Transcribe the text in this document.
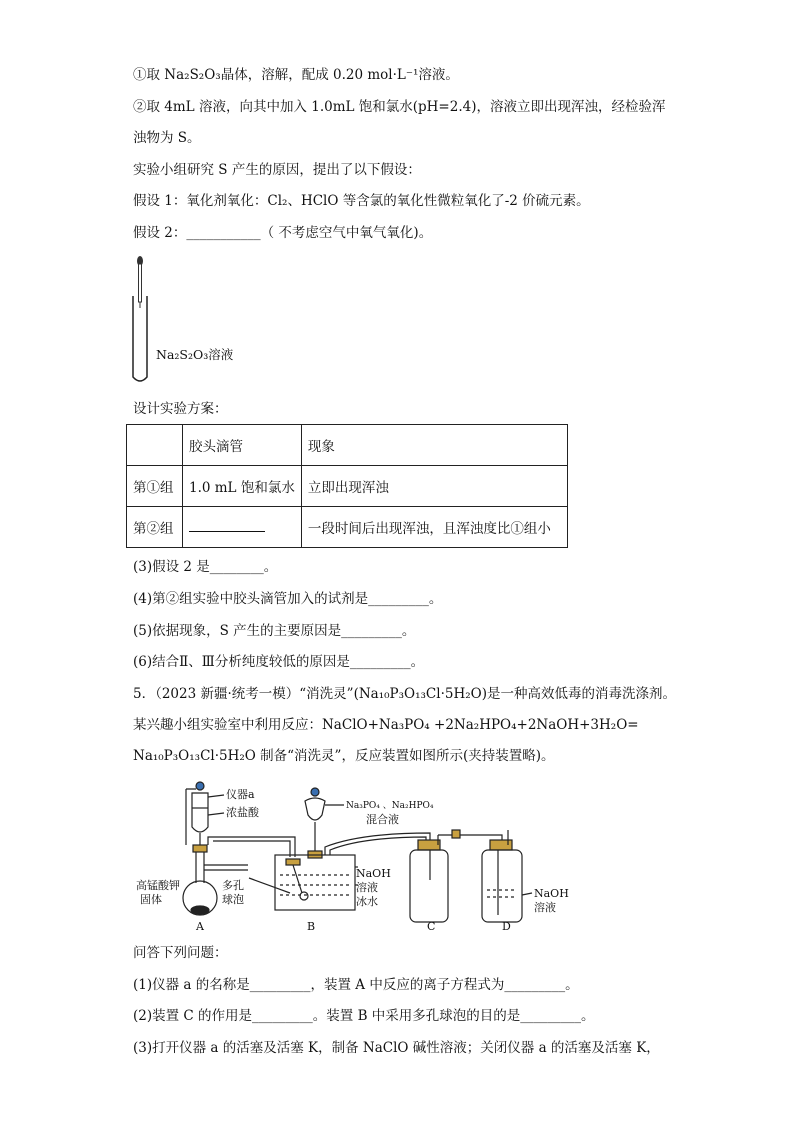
①取 Na₂S₂O₃晶体，溶解，配成 0.20 mol·L⁻¹溶液。
②取 4mL 溶液，向其中加入 1.0mL 饱和氯水(pH=2.4)，溶液立即出现浑浊，经检验浑
浊物为 S。
实验小组研究 S 产生的原因，提出了以下假设：
假设 1：氧化剂氧化：Cl₂、HClO 等含氯的氧化性微粒氧化了-2 价硫元素。
假设 2：___________（ 不考虑空气中氧气氧化)。
Na₂S₂O₃溶液
设计实验方案：
	胶头滴管	现象
第①组	1.0 mL 饱和氯水	立即出现浑浊
第②组		一段时间后出现浑浊，且浑浊度比①组小
(3)假设 2 是________。
(4)第②组实验中胶头滴管加入的试剂是_________。
(5)依据现象，S 产生的主要原因是_________。
(6)结合Ⅱ、Ⅲ分析纯度较低的原因是_________。
5．（2023 新疆·统考一模）“消洗灵”(Na₁₀P₃O₁₃Cl·5H₂O)是一种高效低毒的消毒洗涤剂。
某兴趣小组实验室中利用反应：NaClO+Na₃PO₄ +2Na₂HPO₄+2NaOH+3H₂O=
Na₁₀P₃O₁₃Cl·5H₂O 制备“消洗灵”，反应装置如图所示(夹持装置略)。
仪器a
浓盐酸	Na₃PO₄ 、Na₂HPO₄
混合液
高锰酸钾
固体
多孔
球泡
NaOH
溶液
冰水
NaOH
溶液
A	B	C	D
问答下列问题：
(1)仪器 a 的名称是_________，装置 A 中反应的离子方程式为_________。
(2)装置 C 的作用是_________。装置 B 中采用多孔球泡的目的是_________。
(3)打开仪器 a 的活塞及活塞 K，制备 NaClO 碱性溶液；关闭仪器 a 的活塞及活塞 K，
